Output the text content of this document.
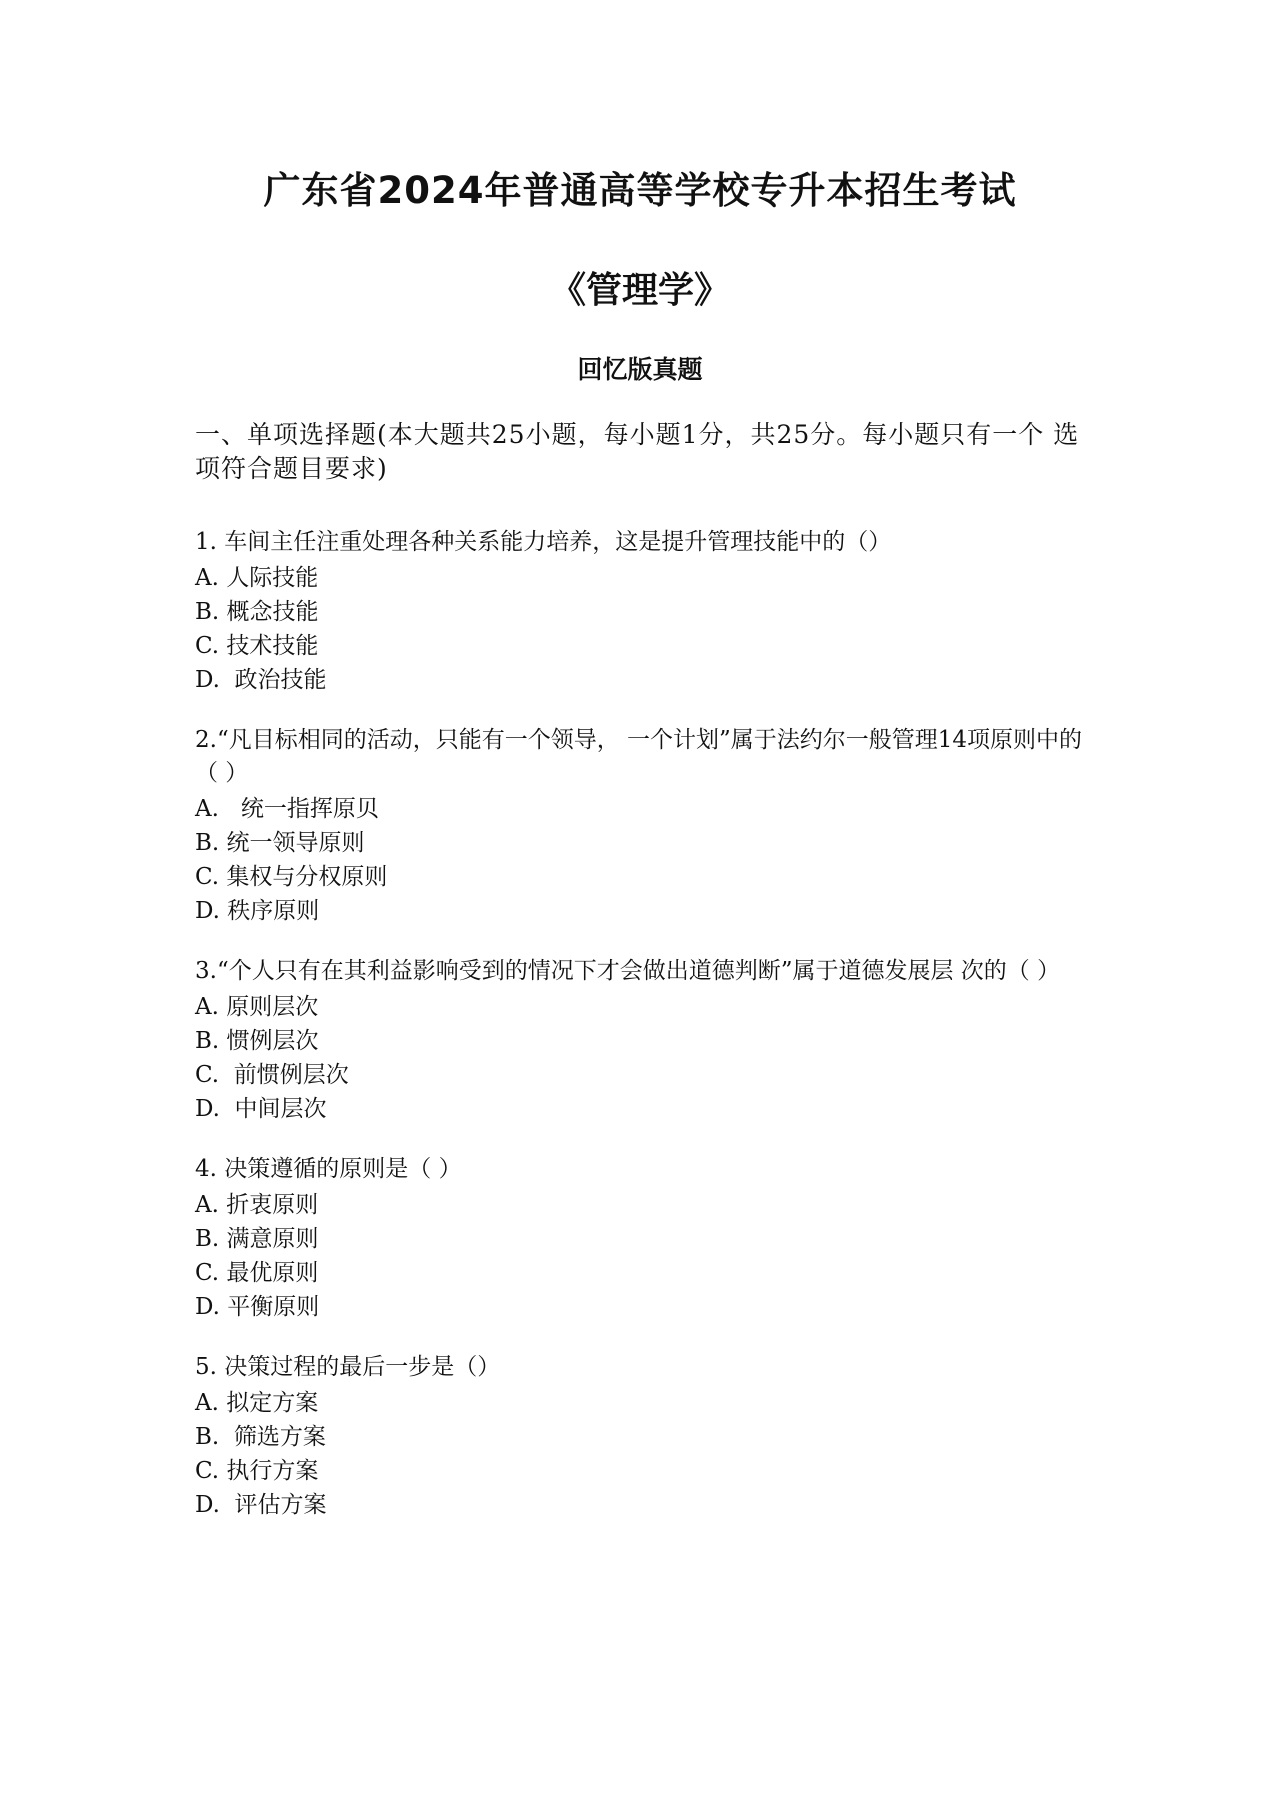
广东省2024年普通高等学校专升本招生考试
《管理学》
回忆版真题
一、单项选择题(本大题共25小题，每小题1分，共25分。每小题只有一个 选项符合题目要求)

1. 车间主任注重处理各种关系能力培养，这是提升管理技能中的（）

A. 人际技能

B. 概念技能

C. 技术技能

D.  政治技能

2.“凡目标相同的活动，只能有一个领导， 一个计划”属于法约尔一般管理14项原则中的（ ）

A.   统一指挥原贝

B. 统一领导原则

C. 集权与分权原则

D. 秩序原则

3.“个人只有在其利益影响受到的情况下才会做出道德判断”属于道德发展层 次的（ ）

A. 原则层次

B. 惯例层次

C.  前惯例层次

D.  中间层次

4. 决策遵循的原则是（ ）

A. 折衷原则

B. 满意原则

C. 最优原则

D. 平衡原则

5. 决策过程的最后一步是（）

A. 拟定方案

B.  筛选方案

C. 执行方案

D.  评估方案
